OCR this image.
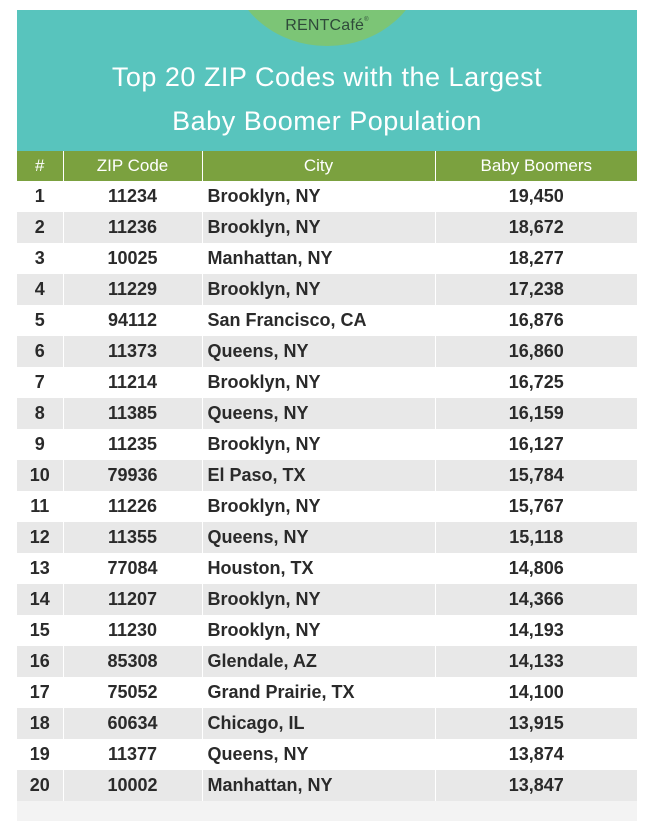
RENTCafé®
Top 20 ZIP Codes with the Largest
Baby Boomer Population
#	ZIP Code	City	Baby Boomers
1	11234	Brooklyn, NY	19,450
2	11236	Brooklyn, NY	18,672
3	10025	Manhattan, NY	18,277
4	11229	Brooklyn, NY	17,238
5	94112	San Francisco, CA	16,876
6	11373	Queens, NY	16,860
7	11214	Brooklyn, NY	16,725
8	11385	Queens, NY	16,159
9	11235	Brooklyn, NY	16,127
10	79936	El Paso, TX	15,784
11	11226	Brooklyn, NY	15,767
12	11355	Queens, NY	15,118
13	77084	Houston, TX	14,806
14	11207	Brooklyn, NY	14,366
15	11230	Brooklyn, NY	14,193
16	85308	Glendale, AZ	14,133
17	75052	Grand Prairie, TX	14,100
18	60634	Chicago, IL	13,915
19	11377	Queens, NY	13,874
20	10002	Manhattan, NY	13,847
